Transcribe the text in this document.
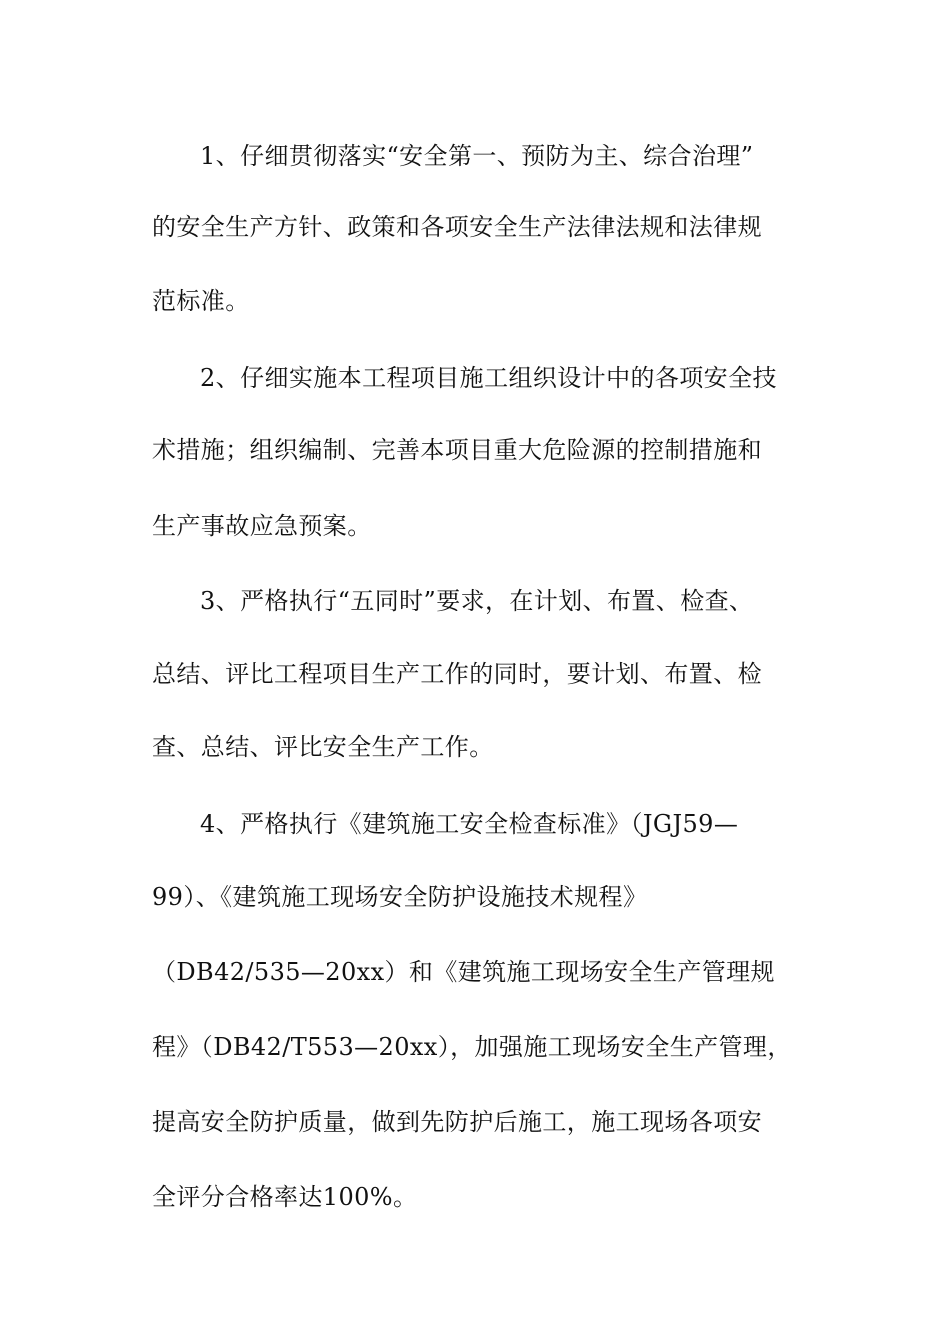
1、仔细贯彻落实“安全第一、预防为主、综合治理”
的安全生产方针、政策和各项安全生产法律法规和法律规
范标准。
2、仔细实施本工程项目施工组织设计中的各项安全技
术措施；组织编制、完善本项目重大危险源的控制措施和
生产事故应急预案。
3、严格执行“五同时”要求，在计划、布置、检查、
总结、评比工程项目生产工作的同时，要计划、布置、检
查、总结、评比安全生产工作。
4、严格执行《建筑施工安全检查标准》（JGJ59—
99）、《建筑施工现场安全防护设施技术规程》
（DB42/535—20xx）和《建筑施工现场安全生产管理规
程》（DB42/T553—20xx），加强施工现场安全生产管理，
提高安全防护质量，做到先防护后施工，施工现场各项安
全评分合格率达100%。
